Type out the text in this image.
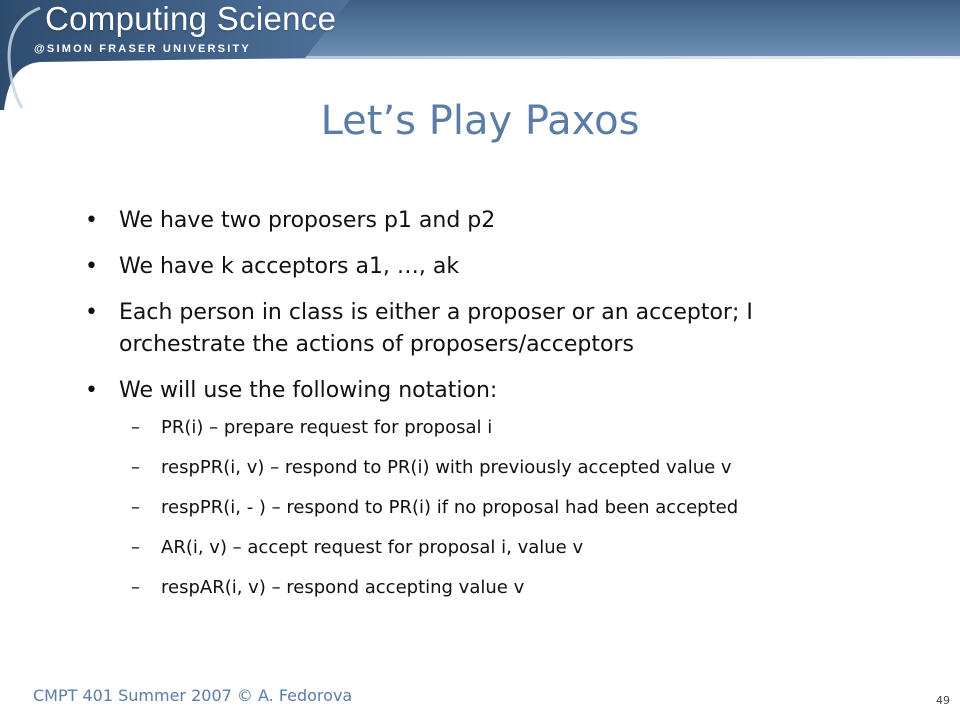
Computing Science
@SIMON FRASER UNIVERSITY
Let’s Play Paxos
• We have two proposers p1 and p2
• We have k acceptors a1, …, ak
• Each person in class is either a proposer or an acceptor; I orchestrate the actions of proposers/acceptors
• We will use the following notation:
– PR(i) – prepare request for proposal i
– respPR(i, v) – respond to PR(i) with previously accepted value v
– respPR(i, - ) – respond to PR(i) if no proposal had been accepted
– AR(i, v) – accept request for proposal i, value v
– respAR(i, v) – respond accepting value v
CMPT 401 Summer 2007 © A. Fedorova	49
